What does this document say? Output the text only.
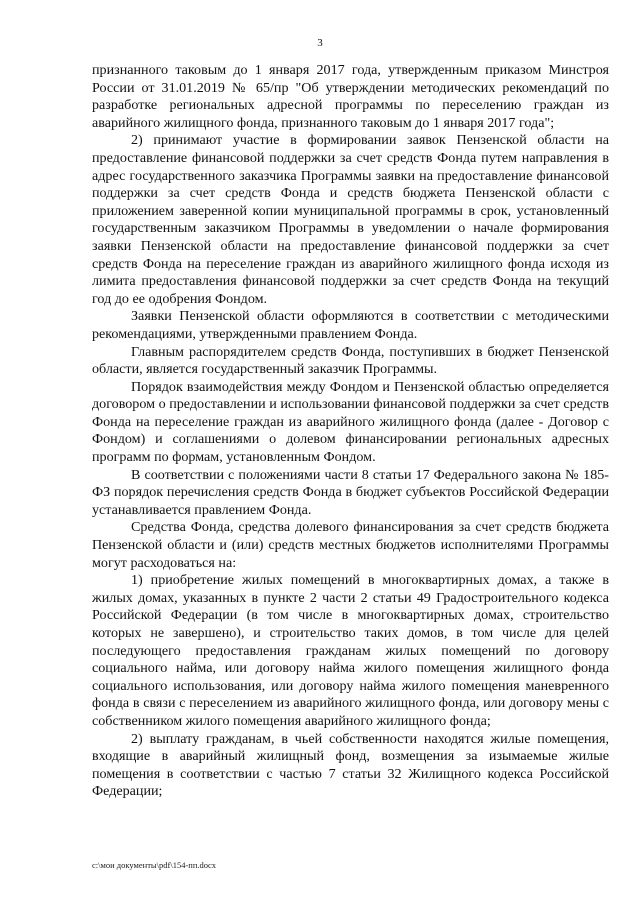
3

признанного таковым до 1 января 2017 года, утвержденным приказом Минстроя России от 31.01.2019 № 65/пр "Об утверждении методических рекомендаций по разработке региональных адресной программы по переселению граждан из аварийного жилищного фонда, признанного таковым до 1 января 2017 года";

2) принимают участие в формировании заявок Пензенской области на предоставление финансовой поддержки за счет средств Фонда путем направления в адрес государственного заказчика Программы заявки на предоставление финансовой поддержки за счет средств Фонда и средств бюджета Пензенской области с приложением заверенной копии муниципальной программы в срок, установленный государственным заказчиком Программы в уведомлении о начале формирования заявки Пензенской области на предоставление финансовой поддержки за счет средств Фонда на переселение граждан из аварийного жилищного фонда исходя из лимита предоставления финансовой поддержки за счет средств Фонда на текущий год до ее одобрения Фондом.

Заявки Пензенской области оформляются в соответствии с методическими рекомендациями, утвержденными правлением Фонда.

Главным распорядителем средств Фонда, поступивших в бюджет Пензенской области, является государственный заказчик Программы.

Порядок взаимодействия между Фондом и Пензенской областью определяется договором о предоставлении и использовании финансовой поддержки за счет средств Фонда на переселение граждан из аварийного жилищного фонда (далее - Договор с Фондом) и соглашениями о долевом финансировании региональных адресных программ по формам, установленным Фондом.

В соответствии с положениями части 8 статьи 17 Федерального закона № 185-ФЗ порядок перечисления средств Фонда в бюджет субъектов Российской Федерации устанавливается правлением Фонда.

Средства Фонда, средства долевого финансирования за счет средств бюджета Пензенской области и (или) средств местных бюджетов исполнителями Программы могут расходоваться на:

1) приобретение жилых помещений в многоквартирных домах, а также в жилых домах, указанных в пункте 2 части 2 статьи 49 Градостроительного кодекса Российской Федерации (в том числе в многоквартирных домах, строительство которых не завершено), и строительство таких домов, в том числе для целей последующего предоставления гражданам жилых помещений по договору социального найма, или договору найма жилого помещения жилищного фонда социального использования, или договору найма жилого помещения маневренного фонда в связи с переселением из аварийного жилищного фонда, или договору мены с собственником жилого помещения аварийного жилищного фонда;

2) выплату гражданам, в чьей собственности находятся жилые помещения, входящие в аварийный жилищный фонд, возмещения за изымаемые жилые помещения в соответствии с частью 7 статьи 32 Жилищного кодекса Российской Федерации;

c:\мои документы\pdf\154-пп.docx
